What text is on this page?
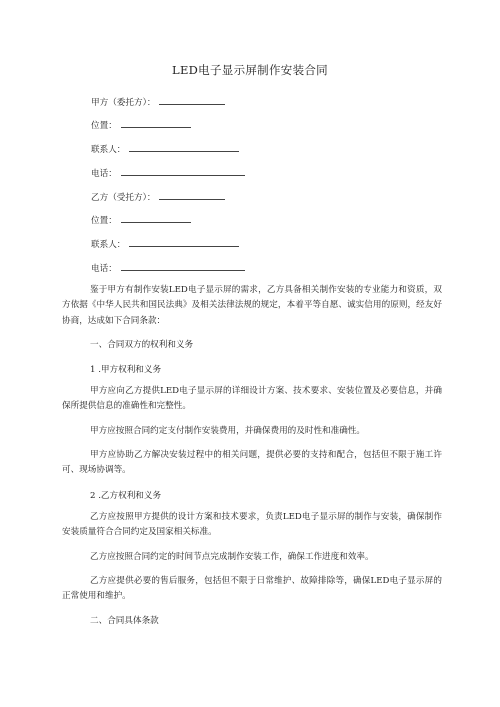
LED电子显示屏制作安装合同
甲方（委托方）：
位置：
联系人：
电话：
乙方（受托方）：
位置：
联系人：
电话：
鉴于甲方有制作安装LED电子显示屏的需求，乙方具备相关制作安装的专业能力和资质，双方依据《中华人民共和国民法典》及相关法律法规的规定，本着平等自愿、诚实信用的原则，经友好协商，达成如下合同条款：
一、合同双方的权利和义务
1 .甲方权利和义务
甲方应向乙方提供LED电子显示屏的详细设计方案、技术要求、安装位置及必要信息，并确保所提供信息的准确性和完整性。
甲方应按照合同约定支付制作安装费用，并确保费用的及时性和准确性。
甲方应协助乙方解决安装过程中的相关问题，提供必要的支持和配合，包括但不限于施工许可、现场协调等。
2 .乙方权利和义务
乙方应按照甲方提供的设计方案和技术要求，负责LED电子显示屏的制作与安装，确保制作安装质量符合合同约定及国家相关标准。
乙方应按照合同约定的时间节点完成制作安装工作，确保工作进度和效率。
乙方应提供必要的售后服务，包括但不限于日常维护、故障排除等，确保LED电子显示屏的正常使用和维护。
二、合同具体条款
